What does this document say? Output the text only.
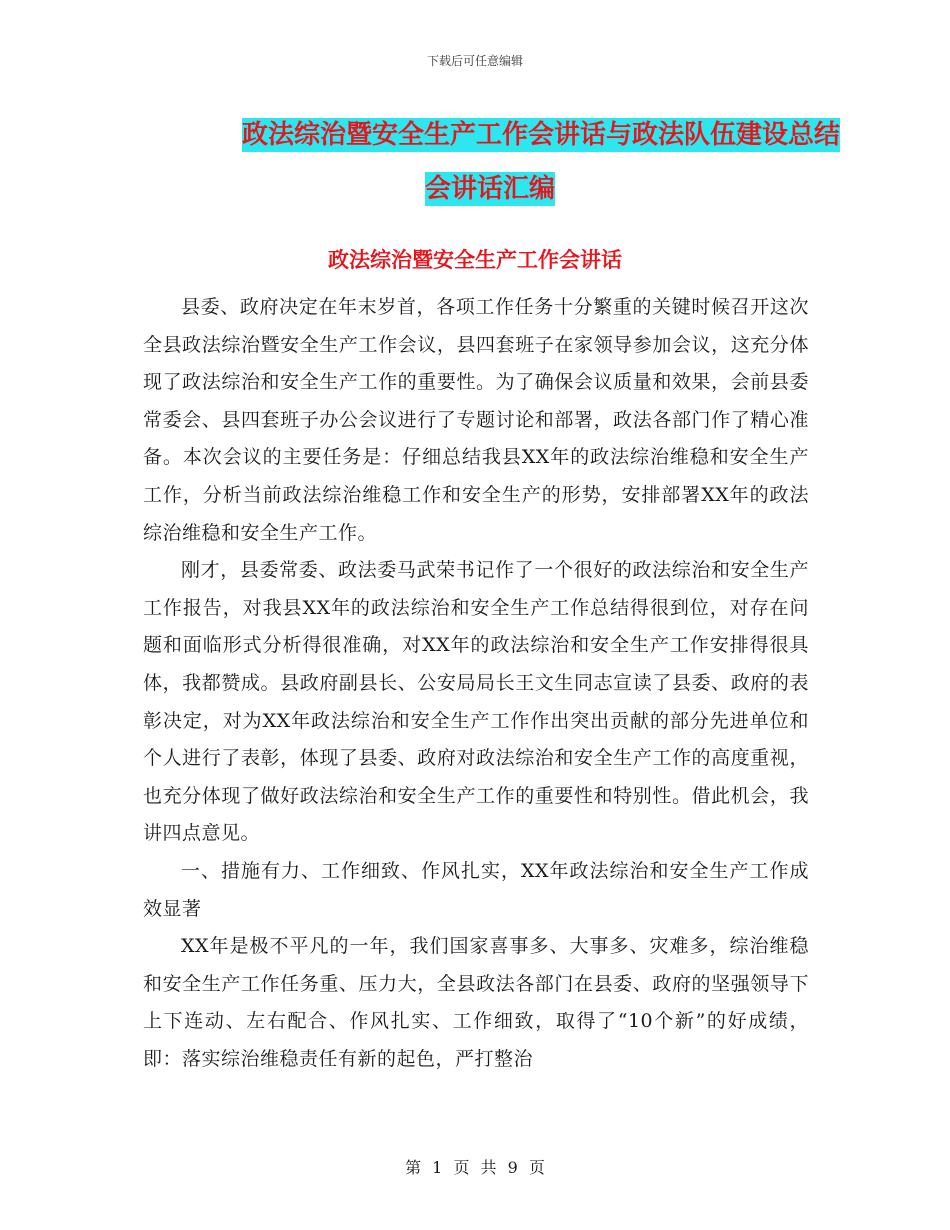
下载后可任意编辑
政法综治暨安全生产工作会讲话与政法队伍建设总结
会讲话汇编
政法综治暨安全生产工作会讲话

县委、政府决定在年末岁首，各项工作任务十分繁重的关键时候召开这次全县政法综治暨安全生产工作会议，县四套班子在家领导参加会议，这充分体现了政法综治和安全生产工作的重要性。为了确保会议质量和效果，会前县委常委会、县四套班子办公会议进行了专题讨论和部署，政法各部门作了精心准备。本次会议的主要任务是：仔细总结我县XX年的政法综治维稳和安全生产工作，分析当前政法综治维稳工作和安全生产的形势，安排部署XX年的政法综治维稳和安全生产工作。

刚才，县委常委、政法委马武荣书记作了一个很好的政法综治和安全生产工作报告，对我县XX年的政法综治和安全生产工作总结得很到位，对存在问题和面临形式分析得很准确，对XX年的政法综治和安全生产工作安排得很具体，我都赞成。县政府副县长、公安局局长王文生同志宣读了县委、政府的表彰决定，对为XX年政法综治和安全生产工作作出突出贡献的部分先进单位和个人进行了表彰，体现了县委、政府对政法综治和安全生产工作的高度重视，也充分体现了做好政法综治和安全生产工作的重要性和特别性。借此机会，我讲四点意见。

一、措施有力、工作细致、作风扎实，XX年政法综治和安全生产工作成效显著

XX年是极不平凡的一年，我们国家喜事多、大事多、灾难多，综治维稳和安全生产工作任务重、压力大，全县政法各部门在县委、政府的坚强领导下上下连动、左右配合、作风扎实、工作细致，取得了“10个新”的好成绩，即：落实综治维稳责任有新的起色，严打整治

第 1 页 共 9 页
